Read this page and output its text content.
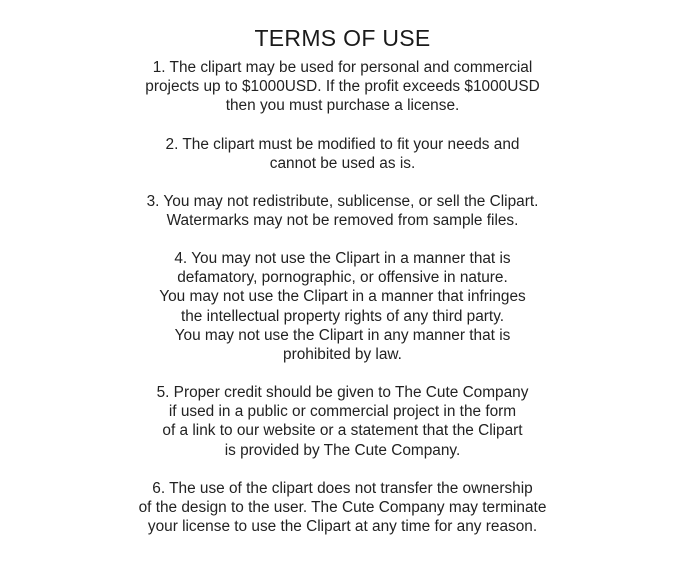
TERMS OF USE
1. The clipart may be used for personal and commercial
projects up to $1000USD. If the profit exceeds $1000USD
then you must purchase a license.
2. The clipart must be modified to fit your needs and
cannot be used as is.
3. You may not redistribute, sublicense, or sell the Clipart.
Watermarks may not be removed from sample files.
4. You may not use the Clipart in a manner that is
defamatory, pornographic, or offensive in nature.
You may not use the Clipart in a manner that infringes
the intellectual property rights of any third party.
You may not use the Clipart in any manner that is
prohibited by law.
5. Proper credit should be given to The Cute Company
if used in a public or commercial project in the form
of a link to our website or a statement that the Clipart
is provided by The Cute Company.
6. The use of the clipart does not transfer the ownership
of the design to the user. The Cute Company may terminate
your license to use the Clipart at any time for any reason.
